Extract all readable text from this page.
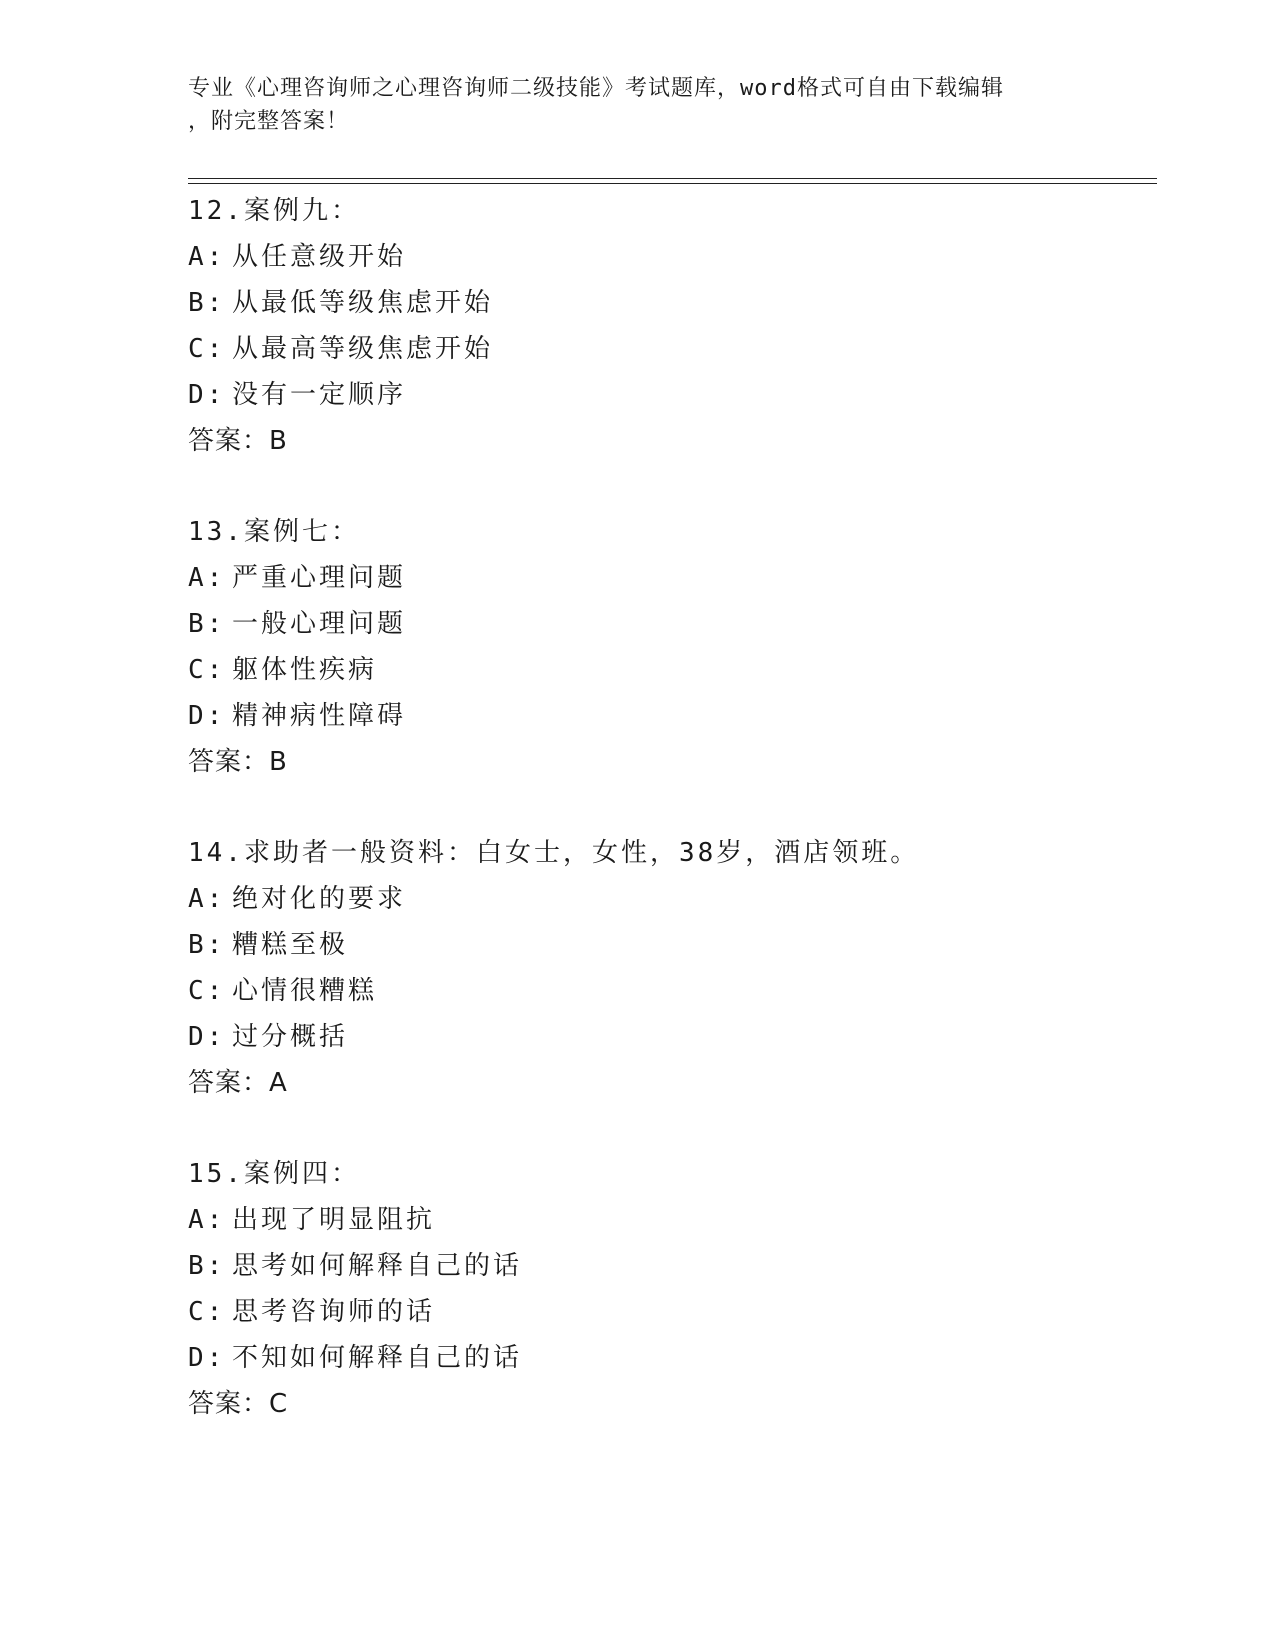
专业《心理咨询师之心理咨询师二级技能》考试题库，word格式可自由下载编辑
，附完整答案！
12.案例九：
A: 从任意级开始
B: 从最低等级焦虑开始
C: 从最高等级焦虑开始
D: 没有一定顺序
答案：B
13.案例七：
A: 严重心理问题
B: 一般心理问题
C: 躯体性疾病
D: 精神病性障碍
答案：B
14.求助者一般资料：白女士，女性，38岁，酒店领班。
A: 绝对化的要求
B: 糟糕至极
C: 心情很糟糕
D: 过分概括
答案：A
15.案例四：
A: 出现了明显阻抗
B: 思考如何解释自己的话
C: 思考咨询师的话
D: 不知如何解释自己的话
答案：C
